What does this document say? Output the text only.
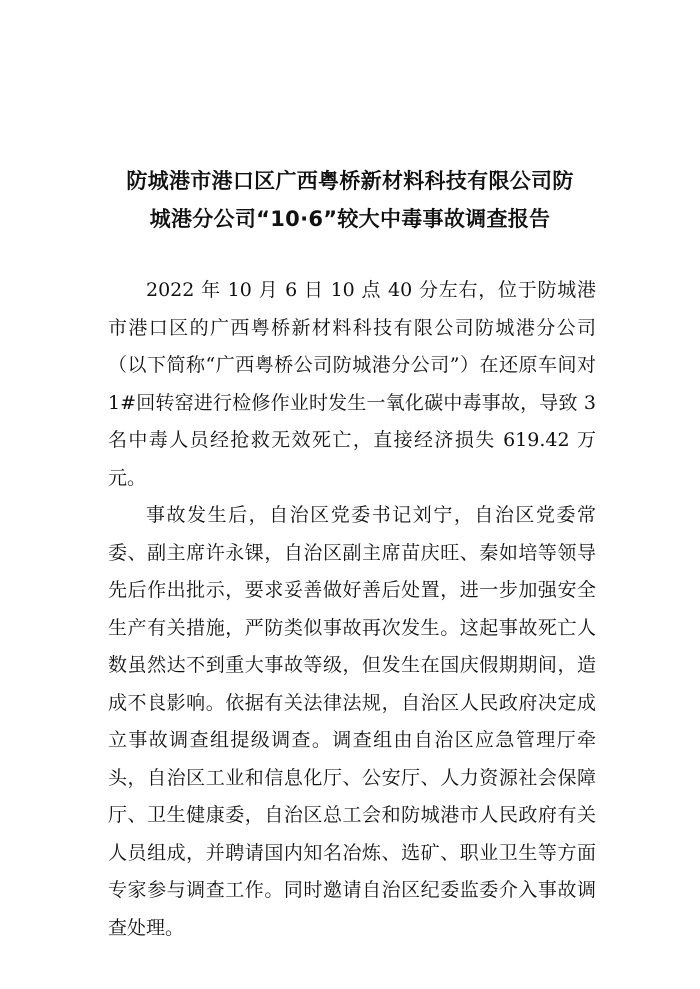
防城港市港口区广西粤桥新材料科技有限公司防
城港分公司“10·6”较大中毒事故调查报告

2022 年 10 月 6 日 10 点 40 分左右，位于防城港市港口区的广西粤桥新材料科技有限公司防城港分公司（以下简称“广西粤桥公司防城港分公司”）在还原车间对 1#回转窑进行检修作业时发生一氧化碳中毒事故，导致 3 名中毒人员经抢救无效死亡，直接经济损失 619.42 万元。

事故发生后，自治区党委书记刘宁，自治区党委常委、副主席许永锞，自治区副主席苗庆旺、秦如培等领导先后作出批示，要求妥善做好善后处置，进一步加强安全生产有关措施，严防类似事故再次发生。这起事故死亡人数虽然达不到重大事故等级，但发生在国庆假期期间，造成不良影响。依据有关法律法规，自治区人民政府决定成立事故调查组提级调查。调查组由自治区应急管理厅牵头，自治区工业和信息化厅、公安厅、人力资源社会保障厅、卫生健康委，自治区总工会和防城港市人民政府有关人员组成，并聘请国内知名冶炼、选矿、职业卫生等方面专家参与调查工作。同时邀请自治区纪委监委介入事故调查处理。
